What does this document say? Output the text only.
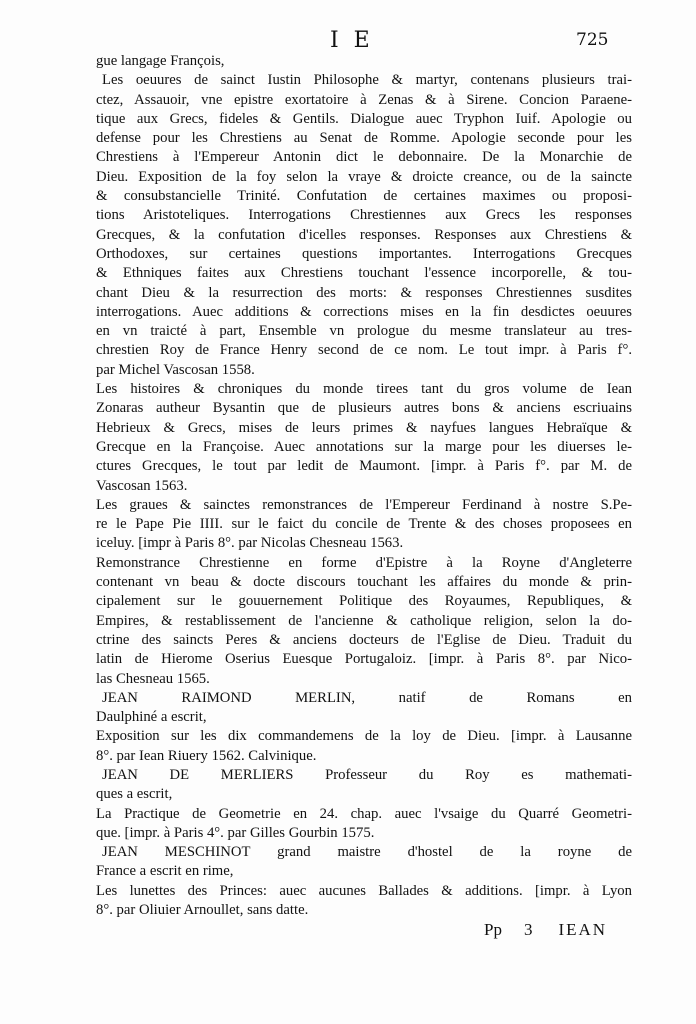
I E	725
gue langage François,
Les oeuures de sainct Iustin Philosophe & martyr, contenans plusieurs trai-
ctez, Assauoir, vne epistre exortatoire à Zenas & à Sirene. Concion Paraene-
tique aux Grecs, fideles & Gentils. Dialogue auec Tryphon Iuif. Apologie ou
defense pour les Chrestiens au Senat de Romme. Apologie seconde pour les
Chrestiens à l'Empereur Antonin dict le debonnaire. De la Monarchie de
Dieu. Exposition de la foy selon la vraye & droicte creance, ou de la saincte
& consubstancielle Trinité. Confutation de certaines maximes ou proposi-
tions Aristoteliques. Interrogations Chrestiennes aux Grecs les responses
Grecques, & la confutation d'icelles responses. Responses aux Chrestiens &
Orthodoxes, sur certaines questions importantes. Interrogations Grecques
& Ethniques faites aux Chrestiens touchant l'essence incorporelle, & tou-
chant Dieu & la resurrection des morts: & responses Chrestiennes susdites
interrogations. Auec additions & corrections mises en la fin desdictes oeuures
en vn traicté à part, Ensemble vn prologue du mesme translateur au tres-
chrestien Roy de France Henry second de ce nom. Le tout impr. à Paris f°.
par Michel Vascosan 1558.
Les histoires & chroniques du monde tirees tant du gros volume de Iean
Zonaras autheur Bysantin que de plusieurs autres bons & anciens escriuains
Hebrieux & Grecs, mises de leurs primes & nayfues langues Hebraïque &
Grecque en la Françoise. Auec annotations sur la marge pour les diuerses le-
ctures Grecques, le tout par ledit de Maumont. [impr. à Paris f°. par M. de
Vascosan 1563.
Les graues & sainctes remonstrances de l'Empereur Ferdinand à nostre S.Pe-
re le Pape Pie IIII. sur le faict du concile de Trente & des choses proposees en
iceluy. [impr à Paris 8°. par Nicolas Chesneau 1563.
Remonstrance Chrestienne en forme d'Epistre à la Royne d'Angleterre
contenant vn beau & docte discours touchant les affaires du monde & prin-
cipalement sur le gouuernement Politique des Royaumes, Republiques, &
Empires, & restablissement de l'ancienne & catholique religion, selon la do-
ctrine des saincts Peres & anciens docteurs de l'Eglise de Dieu. Traduit du
latin de Hierome Oserius Euesque Portugaloiz. [impr. à Paris 8°. par Nico-
las Chesneau 1565.
JEAN RAIMOND MERLIN, natif de Romans en
Daulphiné a escrit,
Exposition sur les dix commandemens de la loy de Dieu. [impr. à Lausanne
8°. par Iean Riuery 1562. Calvinique.
JEAN DE MERLIERS Professeur du Roy es mathemati-
ques a escrit,
La Practique de Geometrie en 24. chap. auec l'vsaige du Quarré Geometri-
que. [impr. à Paris 4°. par Gilles Gourbin 1575.
JEAN MESCHINOT grand maistre d'hostel de la royne de
France a escrit en rime,
Les lunettes des Princes: auec aucunes Ballades & additions. [impr. à Lyon
8°. par Oliuier Arnoullet, sans datte.
Pp 3 IEAN
